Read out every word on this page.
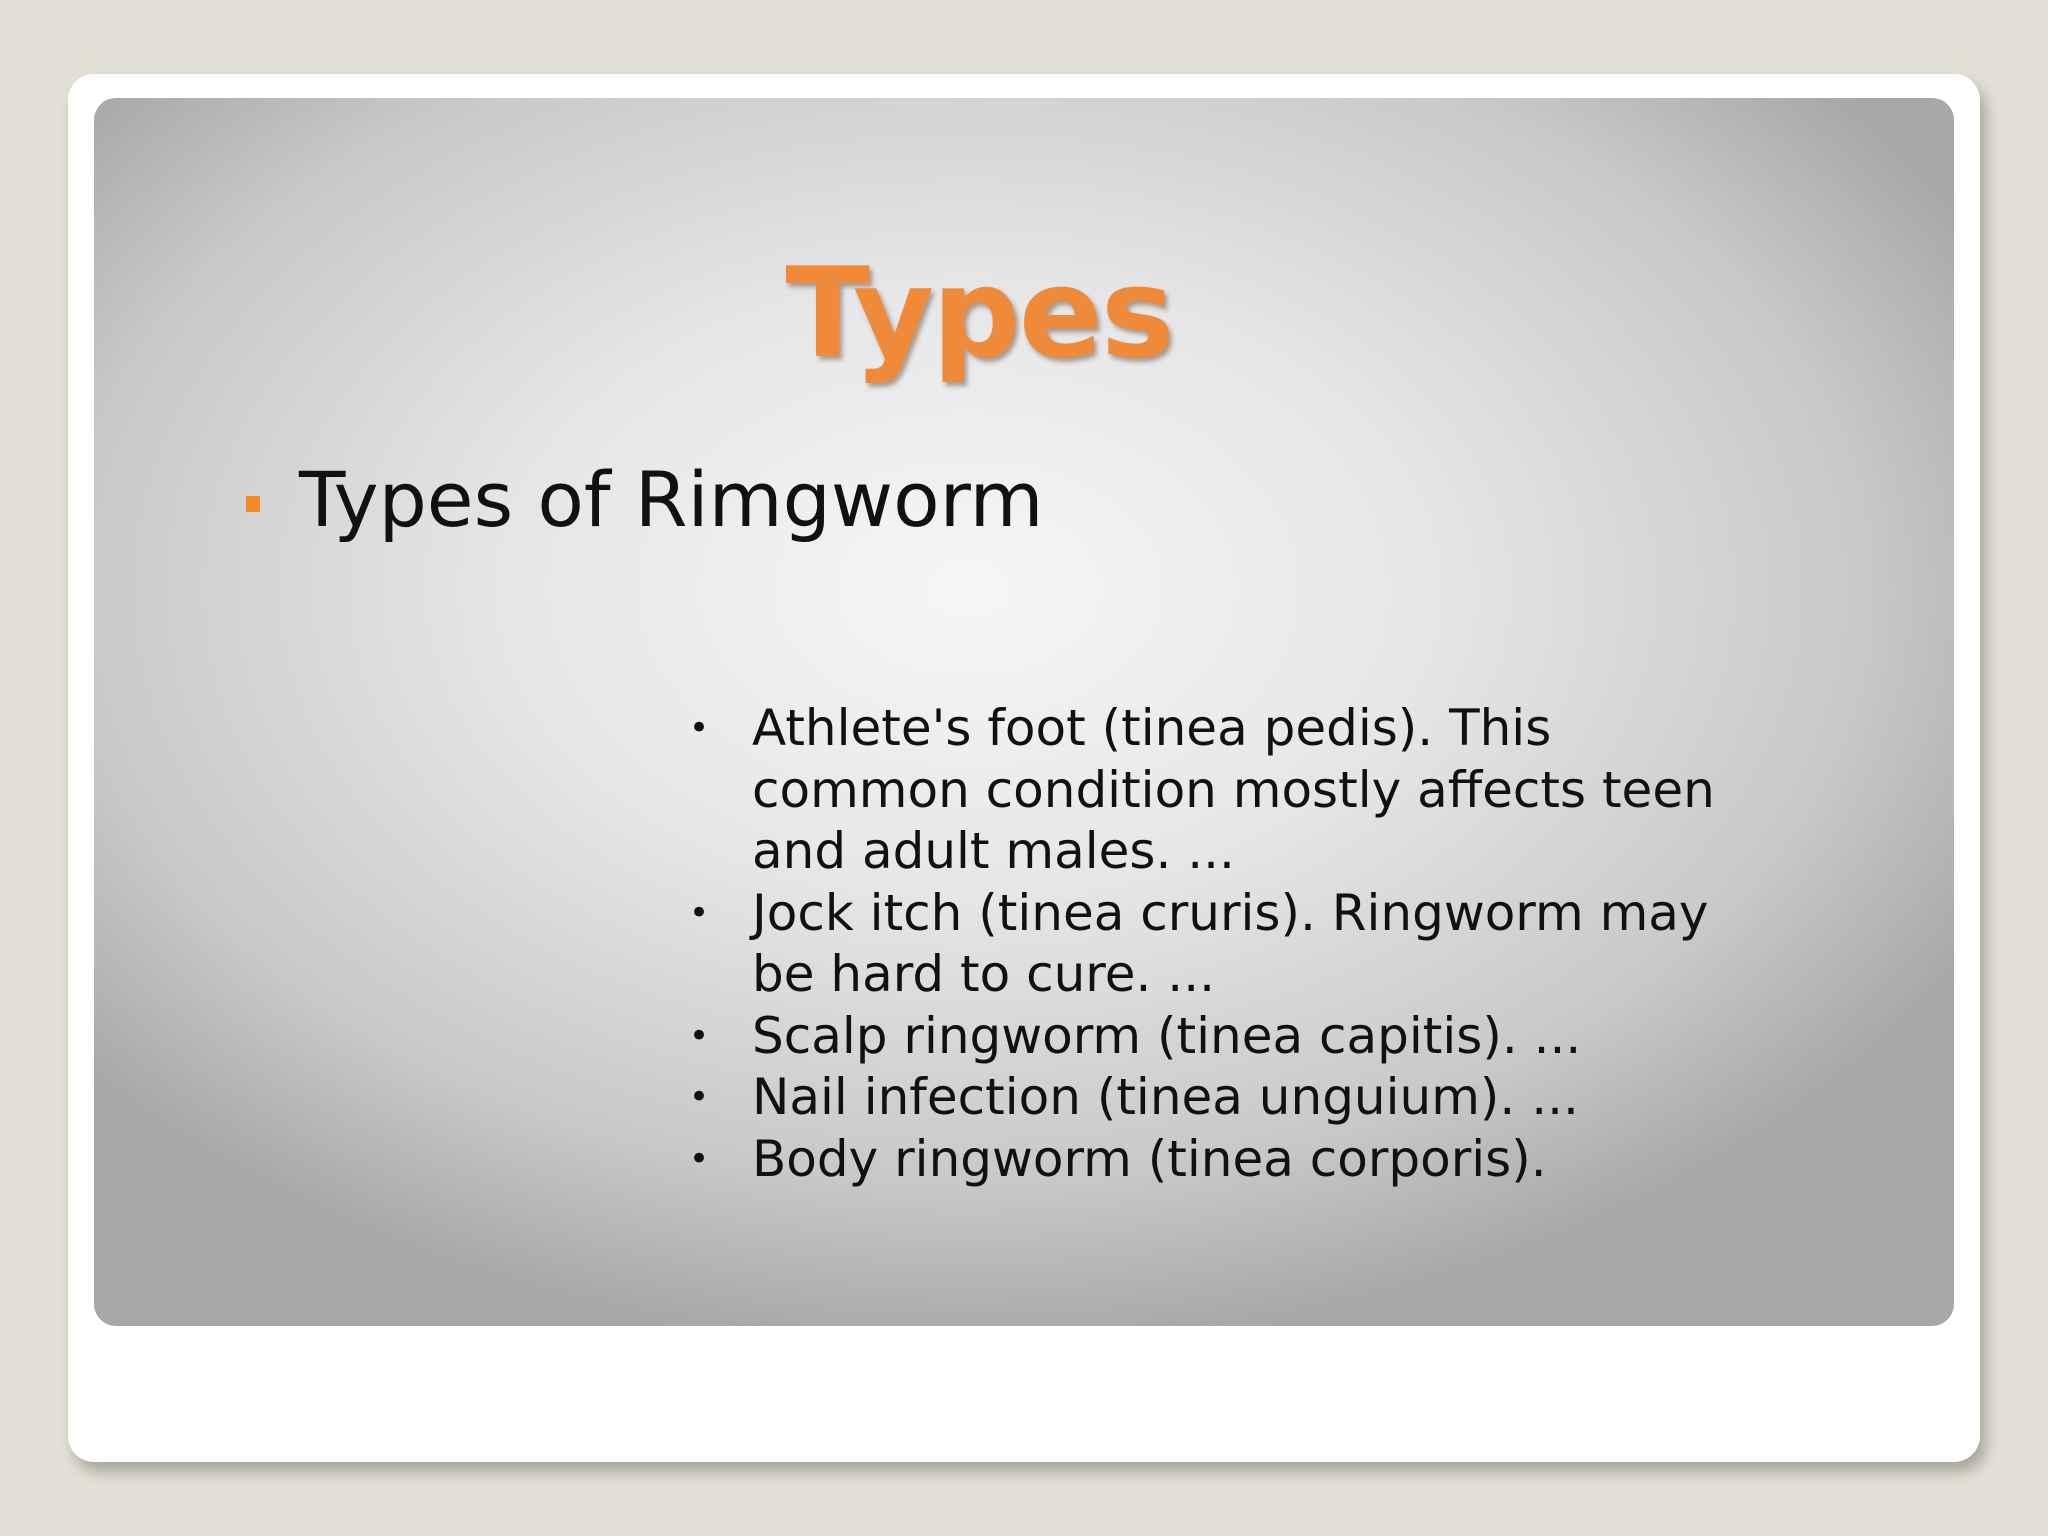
Types
Types of Rimgworm
• Athlete's foot (tinea pedis). This common condition mostly affects teen and adult males. ...
• Jock itch (tinea cruris). Ringworm may be hard to cure. ...
• Scalp ringworm (tinea capitis). ...
• Nail infection (tinea unguium). ...
• Body ringworm (tinea corporis).
